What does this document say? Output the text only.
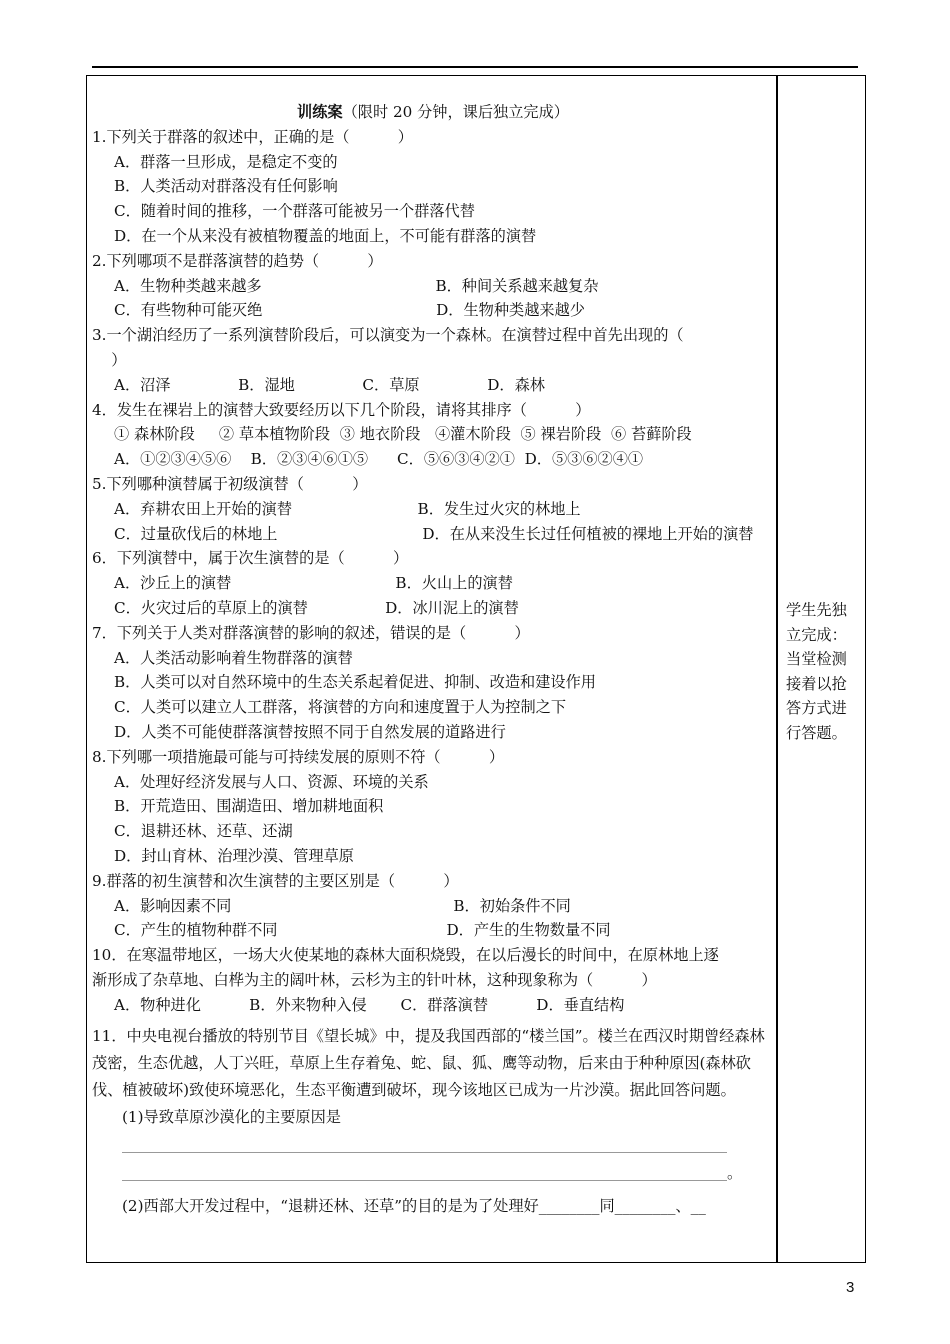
训练案（限时 20 分钟，课后独立完成）
1.下列关于群落的叙述中，正确的是（          ）
A．群落一旦形成，是稳定不变的
B．人类活动对群落没有任何影响
C．随着时间的推移，一个群落可能被另一个群落代替
D．在一个从来没有被植物覆盖的地面上，不可能有群落的演替
2.下列哪项不是群落演替的趋势（          ）
A．生物种类越来越多                                    B．种间关系越来越复杂
C．有些物种可能灭绝                                    D．生物种类越来越少
3.一个湖泊经历了一系列演替阶段后，可以演变为一个森林。在演替过程中首先出现的（
）
A．沼泽              B．湿地              C．草原              D．森林
4．发生在裸岩上的演替大致要经历以下几个阶段，请将其排序（          ）
① 森林阶段     ② 草本植物阶段  ③ 地衣阶段   ④灌木阶段  ⑤ 裸岩阶段  ⑥ 苔藓阶段
A．①②③④⑤⑥    B．②③④⑥①⑤      C．⑤⑥③④②①  D．⑤③⑥②④①
5.下列哪种演替属于初级演替（          ）
A．弃耕农田上开始的演替                          B．发生过火灾的林地上
C．过量砍伐后的林地上                              D．在从来没生长过任何植被的裸地上开始的演替
6．下列演替中，属于次生演替的是（          ）
A．沙丘上的演替                                  B．火山上的演替
C．火灾过后的草原上的演替                D．冰川泥上的演替
7．下列关于人类对群落演替的影响的叙述，错误的是（          ）
A．人类活动影响着生物群落的演替
B．人类可以对自然环境中的生态关系起着促进、抑制、改造和建设作用
C．人类可以建立人工群落，将演替的方向和速度置于人为控制之下
D．人类不可能使群落演替按照不同于自然发展的道路进行
8.下列哪一项措施最可能与可持续发展的原则不符（          ）
A．处理好经济发展与人口、资源、环境的关系
B．开荒造田、围湖造田、增加耕地面积
C．退耕还林、还草、还湖
D．封山育林、治理沙漠、管理草原
9.群落的初生演替和次生演替的主要区别是（          ）
A．影响因素不同                                              B．初始条件不同
C．产生的植物种群不同                                   D．产生的生物数量不同
10．在寒温带地区，一场大火使某地的森林大面积烧毁，在以后漫长的时间中，在原林地上逐
渐形成了杂草地、白桦为主的阔叶林，云杉为主的针叶林，这种现象称为（          ）
A．物种进化          B．外来物种入侵       C．群落演替          D．垂直结构
11．中央电视台播放的特别节目《望长城》中，提及我国西部的“楼兰国”。楼兰在西汉时期曾经森林茂密，生态优越，人丁兴旺，草原上生存着兔、蛇、鼠、狐、鹰等动物，后来由于种种原因(森林砍伐、植被破坏)致使环境恶化，生态平衡遭到破坏，现今该地区已成为一片沙漠。据此回答问题。
(1)导致草原沙漠化的主要原因是
。
(2)西部大开发过程中，“退耕还林、还草”的目的是为了处理好________同________、__
学生先独立完成：当堂检测接着以抢答方式进行答题。
3
